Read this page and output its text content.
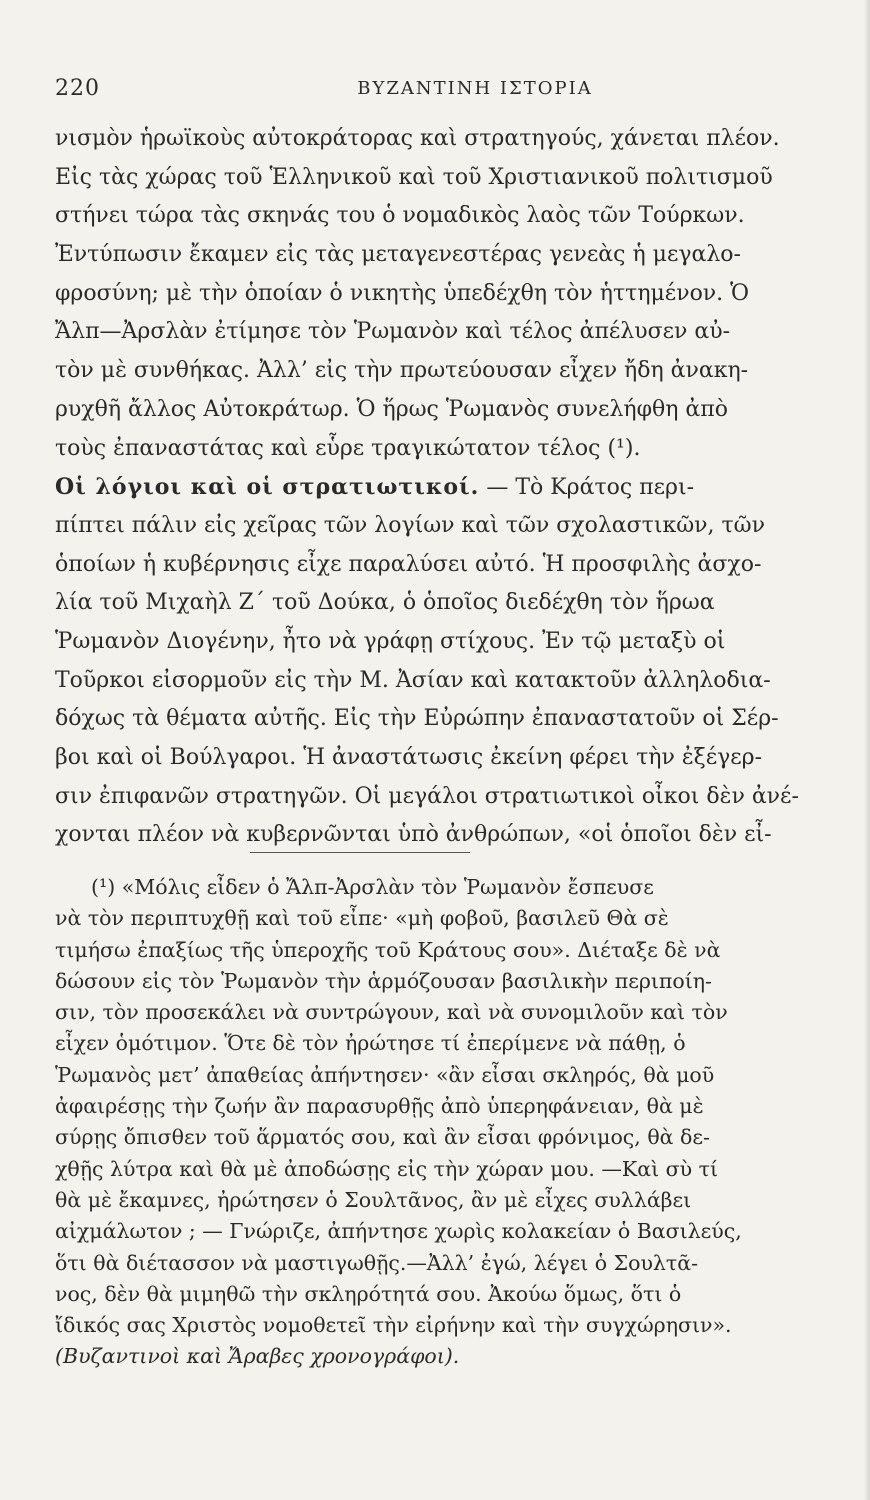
220	ΒΥΖΑΝΤΙΝΗ ΙΣΤΟΡΙΑ
νισμὸν ἡρωϊκοὺς αὐτοκράτορας καὶ στρατηγούς, χάνεται πλέον.
Εἰς τὰς χώρας τοῦ Ἑλληνικοῦ καὶ τοῦ Χριστιανικοῦ πολιτισμοῦ
στήνει τώρα τὰς σκηνάς του ὁ νομαδικὸς λαὸς τῶν Τούρκων.
Ἐντύπωσιν ἔκαμεν εἰς τὰς μεταγενεστέρας γενεὰς ἡ μεγαλο-
φροσύνη; μὲ τὴν ὁποίαν ὁ νικητὴς ὑπεδέχθη τὸν ἡττημένον. Ὁ
Ἄλπ—Ἀρσλὰν ἐτίμησε τὸν Ῥωμανὸν καὶ τέλος ἀπέλυσεν αὐ-
τὸν μὲ συνθήκας. Ἀλλ’ εἰς τὴν πρωτεύουσαν εἶχεν ἤδη ἀνακη-
ρυχθῆ ἄλλος Αὐτοκράτωρ. Ὁ ἥρως Ῥωμανὸς συνελήφθη ἀπὸ
τοὺς ἐπαναστάτας καὶ εὗρε τραγικώτατον τέλος (¹).
Οἱ λόγιοι καὶ οἱ στρατιωτικοί. — Τὸ Κράτος περι-
πίπτει πάλιν εἰς χεῖρας τῶν λογίων καὶ τῶν σχολαστικῶν, τῶν
ὁποίων ἡ κυβέρνησις εἶχε παραλύσει αὐτό. Ἡ προσφιλὴς ἀσχο-
λία τοῦ Μιχαὴλ Ζ΄ τοῦ Δούκα, ὁ ὁποῖος διεδέχθη τὸν ἥρωα
Ῥωμανὸν Διογένην, ἦτο νὰ γράφῃ στίχους. Ἐν τῷ μεταξὺ οἱ
Τοῦρκοι εἰσορμοῦν εἰς τὴν Μ. Ἀσίαν καὶ κατακτοῦν ἀλληλοδια-
δόχως τὰ θέματα αὐτῆς. Εἰς τὴν Εὐρώπην ἐπαναστατοῦν οἱ Σέρ-
βοι καὶ οἱ Βούλγαροι. Ἡ ἀναστάτωσις ἐκείνη φέρει τὴν ἐξέγερ-
σιν ἐπιφανῶν στρατηγῶν. Οἱ μεγάλοι στρατιωτικοὶ οἶκοι δὲν ἀνέ-
χονται πλέον νὰ κυβερνῶνται ὑπὸ ἀνθρώπων, «οἱ ὁποῖοι δὲν εἶ-
(¹) «Μόλις εἶδεν ὁ Ἄλπ-Ἀρσλὰν τὸν Ῥωμανὸν ἔσπευσε
νὰ τὸν περιπτυχθῇ καὶ τοῦ εἶπε· «μὴ φοβοῦ, βασιλεῦ Θὰ σὲ
τιμήσω ἐπαξίως τῆς ὑπεροχῆς τοῦ Κράτους σου». Διέταξε δὲ νὰ
δώσουν εἰς τὸν Ῥωμανὸν τὴν ἁρμόζουσαν βασιλικὴν περιποίη-
σιν, τὸν προσεκάλει νὰ συντρώγουν, καὶ νὰ συνομιλοῦν καὶ τὸν
εἶχεν ὁμότιμον. Ὅτε δὲ τὸν ἠρώτησε τί ἐπερίμενε νὰ πάθῃ, ὁ
Ῥωμανὸς μετ’ ἀπαθείας ἀπήντησεν· «ἂν εἶσαι σκληρός, θὰ μοῦ
ἀφαιρέσῃς τὴν ζωήν ἂν παρασυρθῇς ἀπὸ ὑπερηφάνειαν, θὰ μὲ
σύρῃς ὄπισθεν τοῦ ἅρματός σου, καὶ ἂν εἶσαι φρόνιμος, θὰ δε-
χθῇς λύτρα καὶ θὰ μὲ ἀποδώσῃς εἰς τὴν χώραν μου. —Καὶ σὺ τί
θὰ μὲ ἔκαμνες, ἠρώτησεν ὁ Σουλτᾶνος, ἂν μὲ εἶχες συλλάβει
αἰχμάλωτον ; — Γνώριζε, ἀπήντησε χωρὶς κολακείαν ὁ Βασιλεύς,
ὅτι θὰ διέτασσον νὰ μαστιγωθῇς.—Ἀλλ’ ἐγώ, λέγει ὁ Σουλτᾶ-
νος, δὲν θὰ μιμηθῶ τὴν σκληρότητά σου. Ἀκούω ὅμως, ὅτι ὁ
ἴδικός σας Χριστὸς νομοθετεῖ τὴν εἰρήνην καὶ τὴν συγχώρησιν».
(Βυζαντινοὶ καὶ Ἄραβες χρονογράφοι).
